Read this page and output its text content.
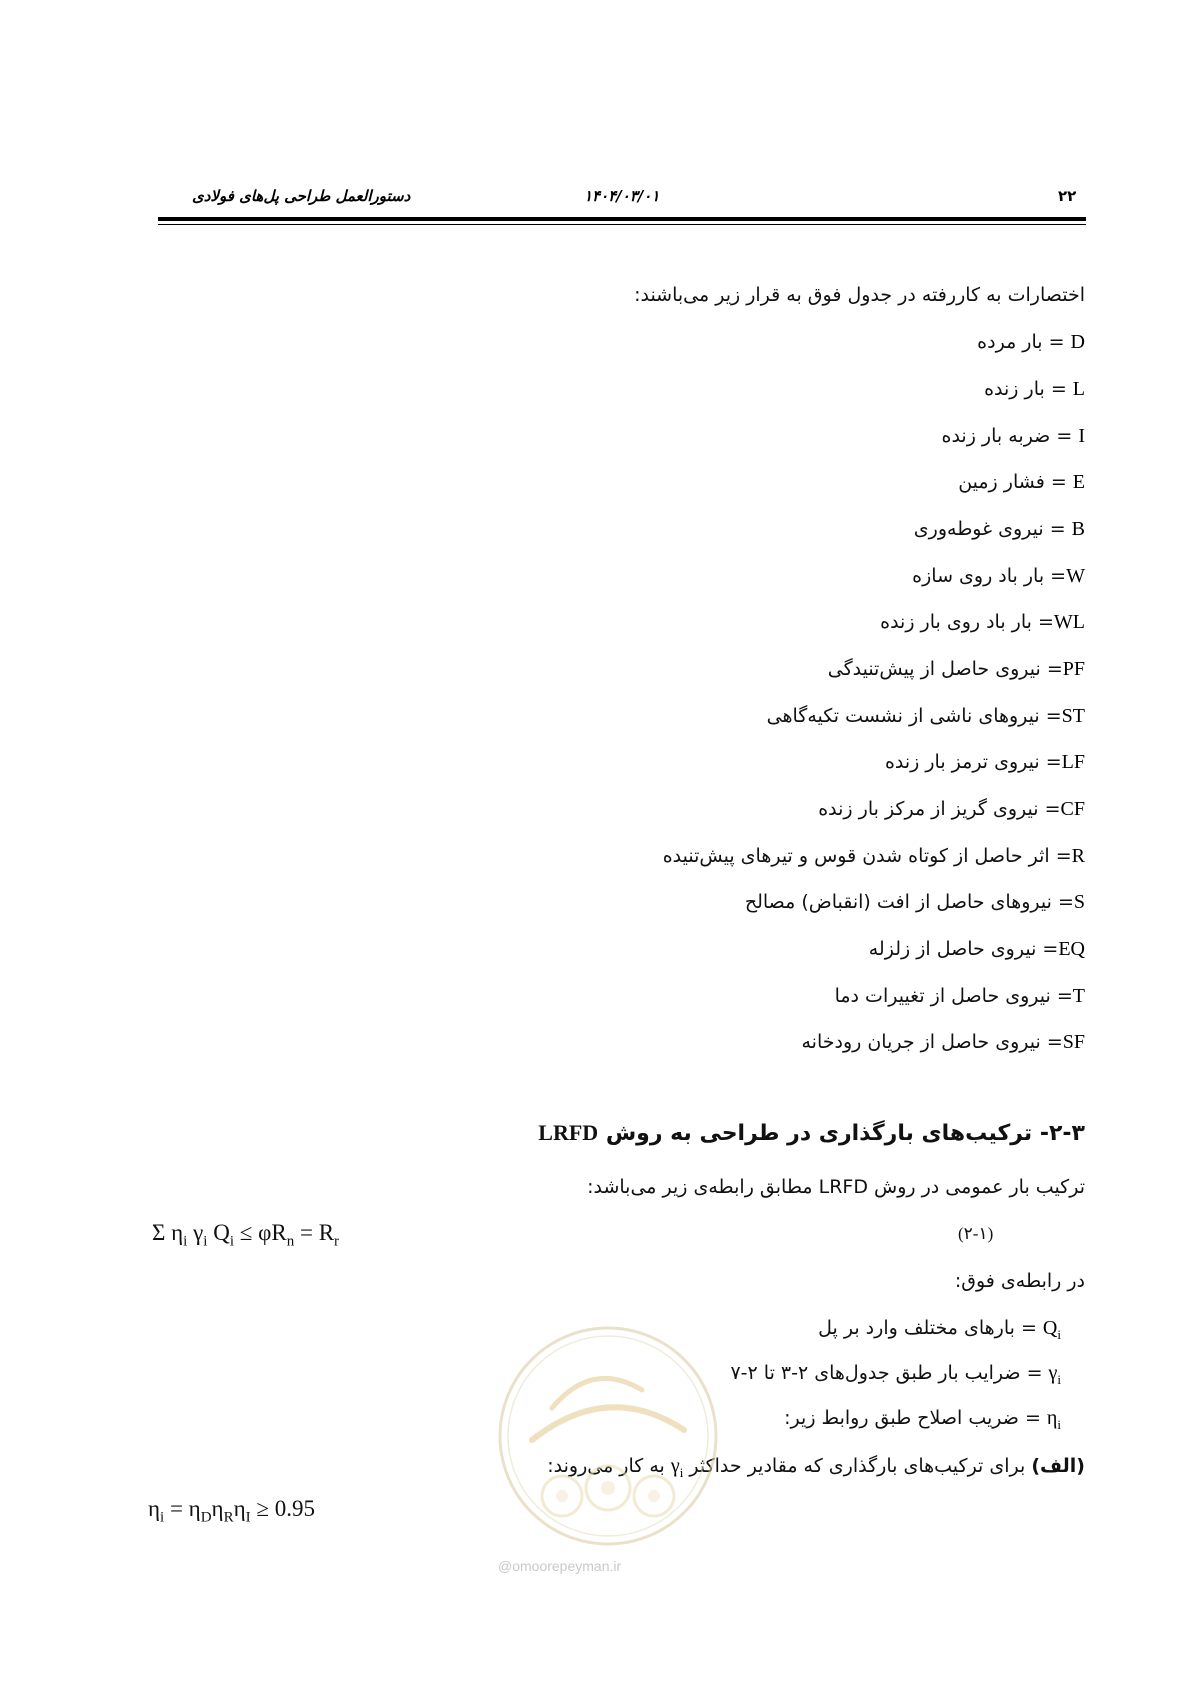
دستورالعمل طراحی پل‌های فولادی	۱۴۰۴/۰۳/۰۱	۲۲
اختصارات به کاررفته در جدول فوق به قرار زیر می‌باشند:
D = بار مرده
L = بار زنده
I = ضربه بار زنده
E = فشار زمین
B = نیروی غوطه‌وری
W= بار باد روی سازه
WL= بار باد روی بار زنده
PF= نیروی حاصل از پیش‌تنیدگی
ST= نیروهای ناشی از نشست تکیه‌گاهی
LF= نیروی ترمز بار زنده
CF= نیروی گریز از مرکز بار زنده
R= اثر حاصل از کوتاه شدن قوس و تیرهای پیش‌تنیده
S= نیروهای حاصل از افت (انقباض) مصالح
EQ= نیروی حاصل از زلزله
T= نیروی حاصل از تغییرات دما
SF= نیروی حاصل از جریان رودخانه
۲-۳- ترکیب‌های بارگذاری در طراحی به روش LRFD
ترکیب بار عمومی در روش LRFD مطابق رابطه‌ی زیر می‌باشد:
Σ $\eta_i$ $\gamma_i$ $Q_i \le \varphi R_n = R_r$	(۲-۱)
در رابطه‌ی فوق:
$Q_i$ = بارهای مختلف وارد بر پل
$\gamma_i$ = ضرایب بار طبق جدول‌های ۲-۳ تا ۲-۷
$\eta_i$ = ضریب اصلاح طبق روابط زیر:
(الف) برای ترکیب‌های بارگذاری که مقادیر حداکثر $\gamma_i$ به کار می‌روند:
$\eta_i = \eta_D\eta_R\eta_I \ge 0.95$
@omoorepeyman.ir
